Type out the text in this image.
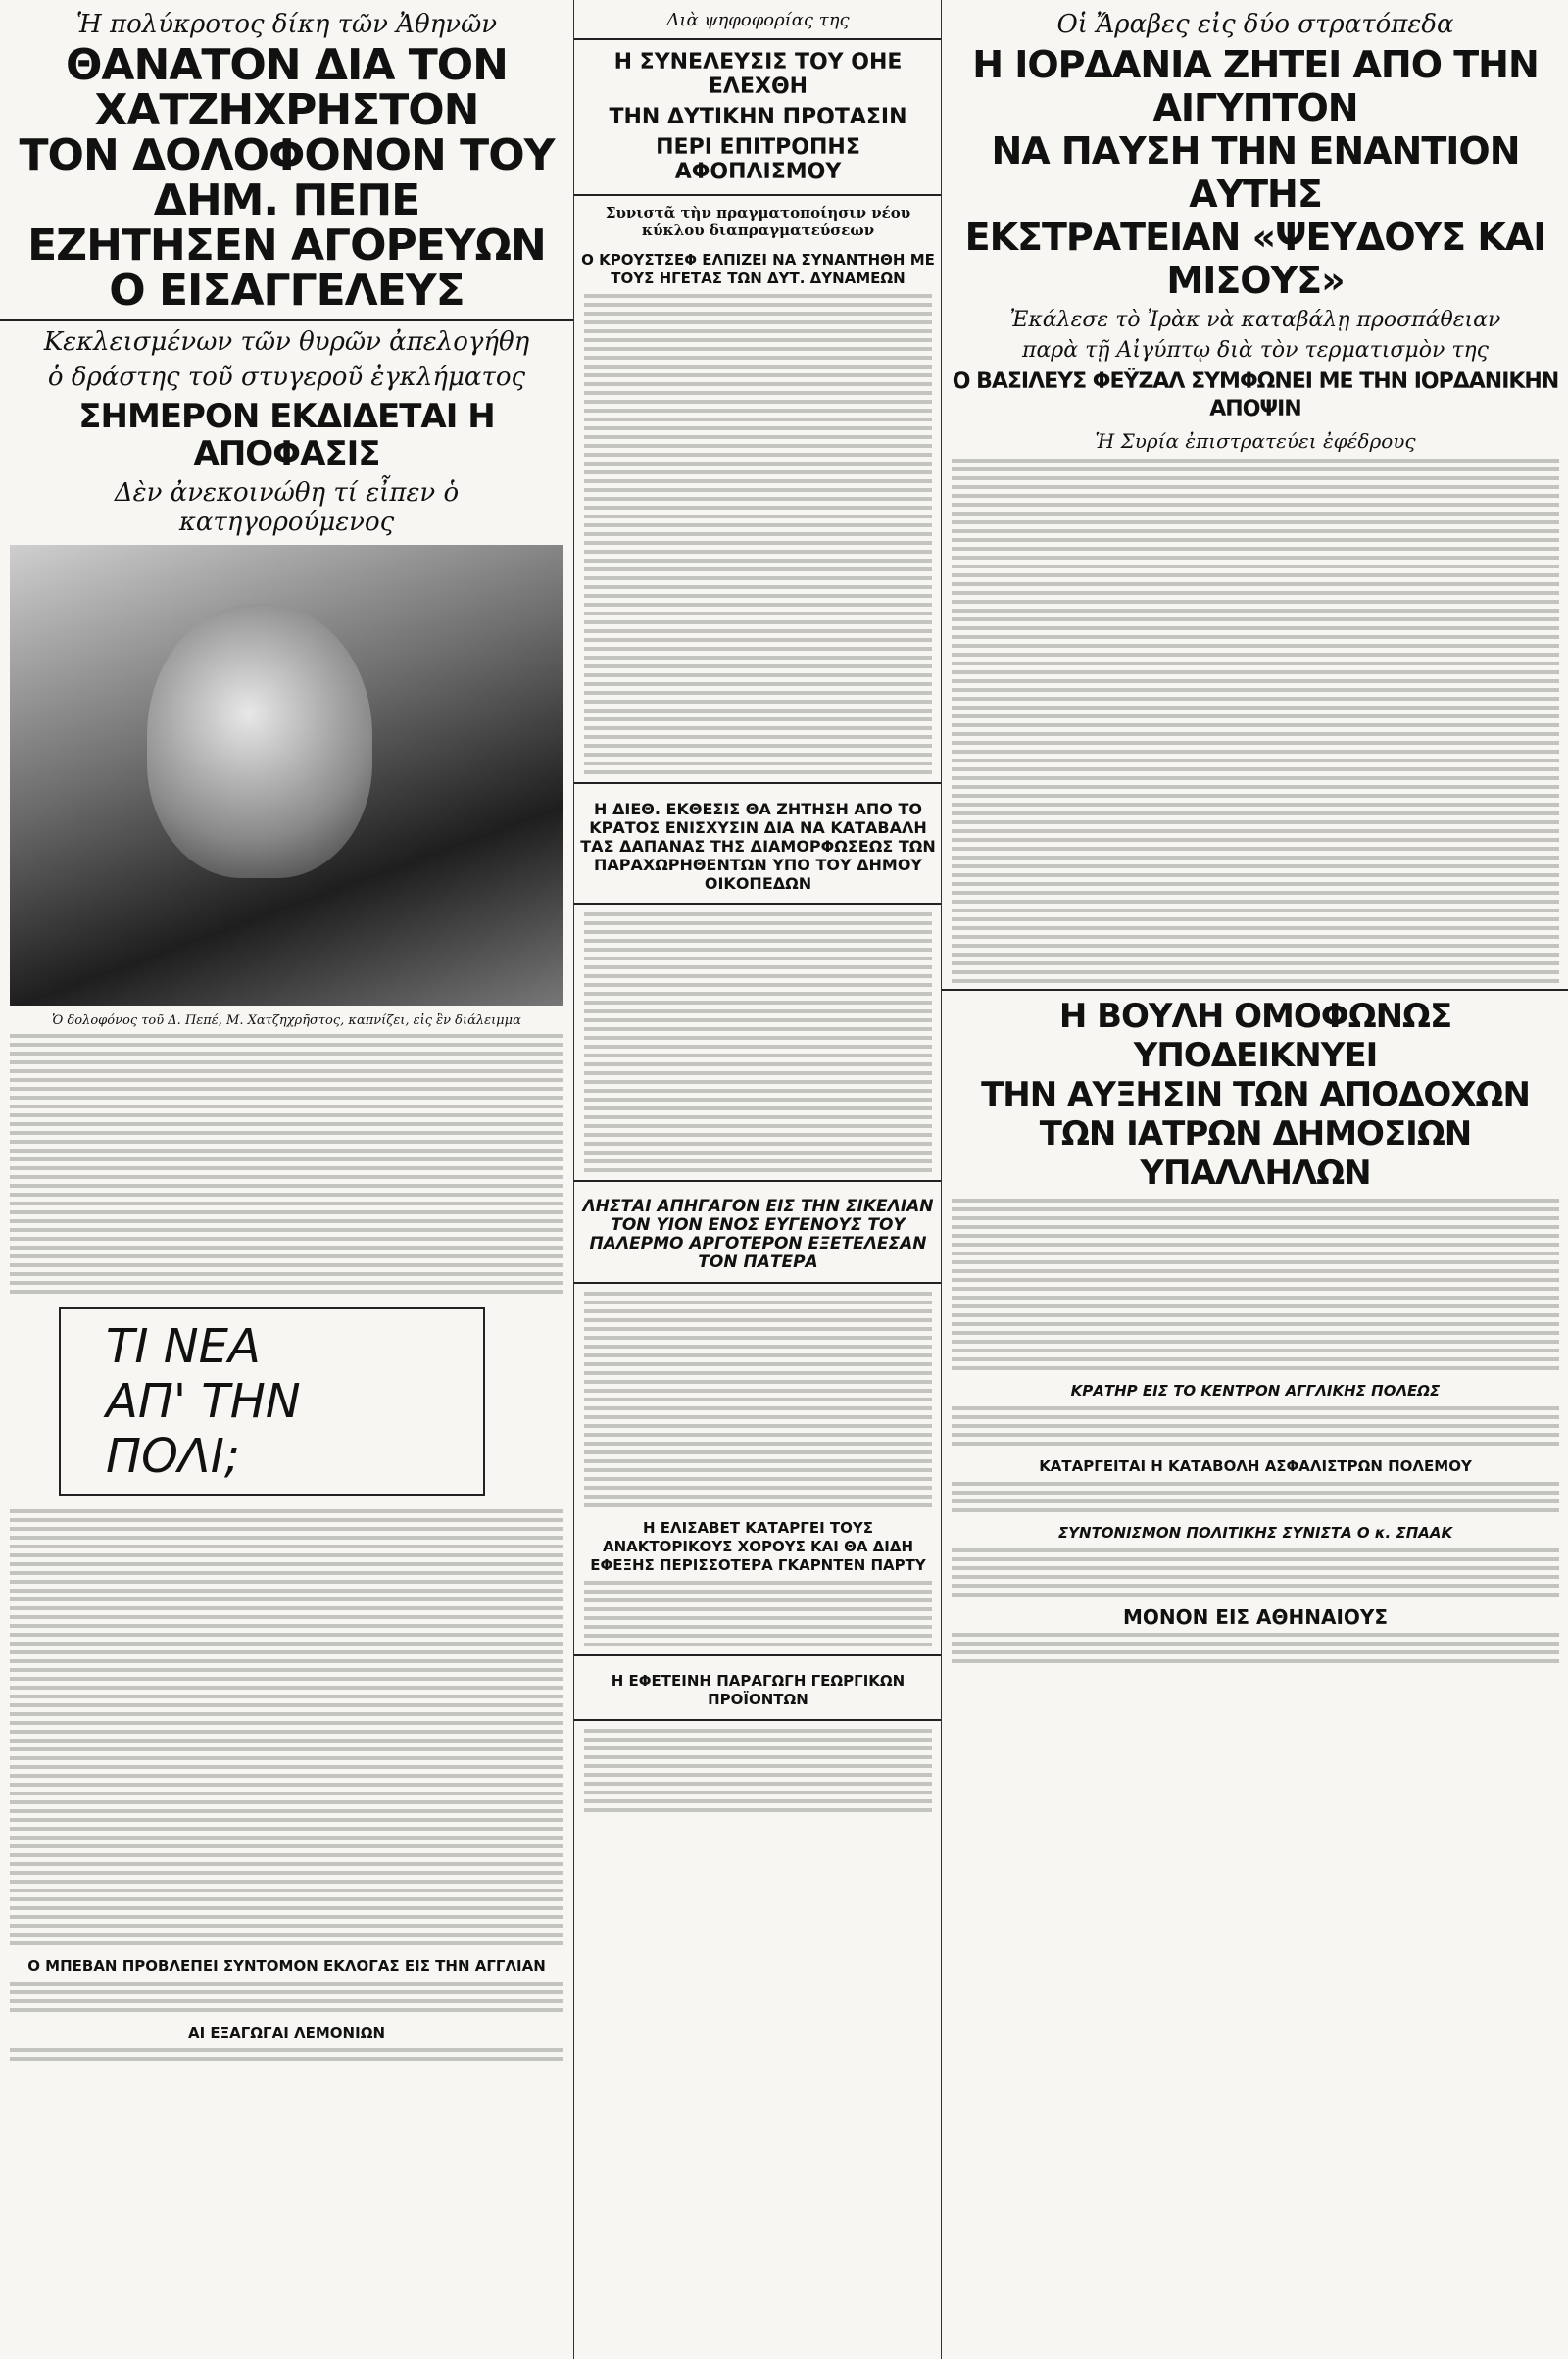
Ἡ πολύκροτος δίκη τῶν Ἀθηνῶν
ΘΑΝΑΤΟΝ ΔΙΑ ΤΟΝ ΧΑΤΖΗΧΡΗΣΤΟΝ
ΤΟΝ ΔΟΛΟΦΟΝΟΝ ΤΟΥ ΔΗΜ. ΠΕΠΕ
ΕΖΗΤΗΣΕΝ ΑΓΟΡΕΥΩΝ Ο ΕΙΣΑΓΓΕΛΕΥΣ
Κεκλεισμένων τῶν θυρῶν ἀπελογήθη
ὁ δράστης τοῦ στυγεροῦ ἐγκλήματος
ΣΗΜΕΡΟΝ ΕΚΔΙΔΕΤΑΙ Η ΑΠΟΦΑΣΙΣ
Δὲν ἀνεκοινώθη τί εἶπεν ὁ κατηγορούμενος
Ὁ δολοφόνος τοῦ Δ. Πεπέ, Μ. Χατζηχρῆστος, καπνίζει, εἰς ἓν διάλειμμα
ΤΙ ΝΕΑ
ΑΠ' ΤΗΝ
ΠΟΛΙ;
Ο ΜΠΕΒΑΝ ΠΡΟΒΛΕΠΕΙ ΣΥΝΤΟΜΟΝ ΕΚΛΟΓΑΣ ΕΙΣ ΤΗΝ ΑΓΓΛΙΑΝ
ΑΙ ΕΞΑΓΩΓΑΙ ΛΕΜΟΝΙΩΝ
Διὰ ψηφοφορίας της
Η ΣΥΝΕΛΕΥΣΙΣ ΤΟΥ ΟΗΕ ΕΛΕΧΘΗ
ΤΗΝ ΔΥΤΙΚΗΝ ΠΡΟΤΑΣΙΝ
ΠΕΡΙ ΕΠΙΤΡΟΠΗΣ ΑΦΟΠΛΙΣΜΟΥ
Συνιστᾶ τὴν πραγματοποίησιν νέου κύκλου διαπραγματεύσεων
Ο ΚΡΟΥΣΤΣΕΦ ΕΛΠΙΖΕΙ ΝΑ ΣΥΝΑΝΤΗΘΗ ΜΕ ΤΟΥΣ ΗΓΕΤΑΣ ΤΩΝ ΔΥΤ. ΔΥΝΑΜΕΩΝ
Η ΔΙΕΘ. ΕΚΘΕΣΙΣ ΘΑ ΖΗΤΗΣΗ ΑΠΟ ΤΟ ΚΡΑΤΟΣ ΕΝΙΣΧΥΣΙΝ ΔΙΑ ΝΑ ΚΑΤΑΒΑΛΗ ΤΑΣ ΔΑΠΑΝΑΣ ΤΗΣ ΔΙΑΜΟΡΦΩΣΕΩΣ ΤΩΝ ΠΑΡΑΧΩΡΗΘΕΝΤΩΝ ΥΠΟ ΤΟΥ ΔΗΜΟΥ ΟΙΚΟΠΕΔΩΝ
ΛΗΣΤΑΙ ΑΠΗΓΑΓΟΝ ΕΙΣ ΤΗΝ ΣΙΚΕΛΙΑΝ ΤΟΝ ΥΙΟΝ ΕΝΟΣ ΕΥΓΕΝΟΥΣ ΤΟΥ ΠΑΛΕΡΜΟ ΑΡΓΟΤΕΡΟΝ ΕΞΕΤΕΛΕΣΑΝ ΤΟΝ ΠΑΤΕΡΑ
Η ΕΛΙΣΑΒΕΤ ΚΑΤΑΡΓΕΙ ΤΟΥΣ ΑΝΑΚΤΟΡΙΚΟΥΣ ΧΟΡΟΥΣ ΚΑΙ ΘΑ ΔΙΔΗ ΕΦΕΞΗΣ ΠΕΡΙΣΣΟΤΕΡΑ ΓΚΑΡΝΤΕΝ ΠΑΡΤΥ
Η ΕΦΕΤΕΙΝΗ ΠΑΡΑΓΩΓΗ ΓΕΩΡΓΙΚΩΝ ΠΡΟΪΟΝΤΩΝ
Οἱ Ἄραβες εἰς δύο στρατόπεδα
Η ΙΟΡΔΑΝΙΑ ΖΗΤΕΙ ΑΠΟ ΤΗΝ ΑΙΓΥΠΤΟΝ
ΝΑ ΠΑΥΣΗ ΤΗΝ ΕΝΑΝΤΙΟΝ ΑΥΤΗΣ
ΕΚΣΤΡΑΤΕΙΑΝ «ΨΕΥΔΟΥΣ ΚΑΙ ΜΙΣΟΥΣ»
Ἐκάλεσε τὸ Ἰρὰκ νὰ καταβάλῃ προσπάθειαν
παρὰ τῇ Αἰγύπτῳ διὰ τὸν τερματισμὸν της
Ο ΒΑΣΙΛΕΥΣ ΦΕΫΖΑΛ ΣΥΜΦΩΝΕΙ ΜΕ ΤΗΝ ΙΟΡΔΑΝΙΚΗΝ ΑΠΟΨΙΝ
Ἡ Συρία ἐπιστρατεύει ἐφέδρους
Η ΒΟΥΛΗ ΟΜΟΦΩΝΩΣ ΥΠΟΔΕΙΚΝΥΕΙ
ΤΗΝ ΑΥΞΗΣΙΝ ΤΩΝ ΑΠΟΔΟΧΩΝ
ΤΩΝ ΙΑΤΡΩΝ ΔΗΜΟΣΙΩΝ ΥΠΑΛΛΗΛΩΝ
ΚΡΑΤΗΡ ΕΙΣ ΤΟ ΚΕΝΤΡΟΝ ΑΓΓΛΙΚΗΣ ΠΟΛΕΩΣ
ΚΑΤΑΡΓΕΙΤΑΙ Η ΚΑΤΑΒΟΛΗ ΑΣΦΑΛΙΣΤΡΩΝ ΠΟΛΕΜΟΥ
ΣΥΝΤΟΝΙΣΜΟΝ ΠΟΛΙΤΙΚΗΣ ΣΥΝΙΣΤΑ Ο κ. ΣΠΑΑΚ
ΜΟΝΟΝ ΕΙΣ ΑΘΗΝΑΙΟΥΣ
